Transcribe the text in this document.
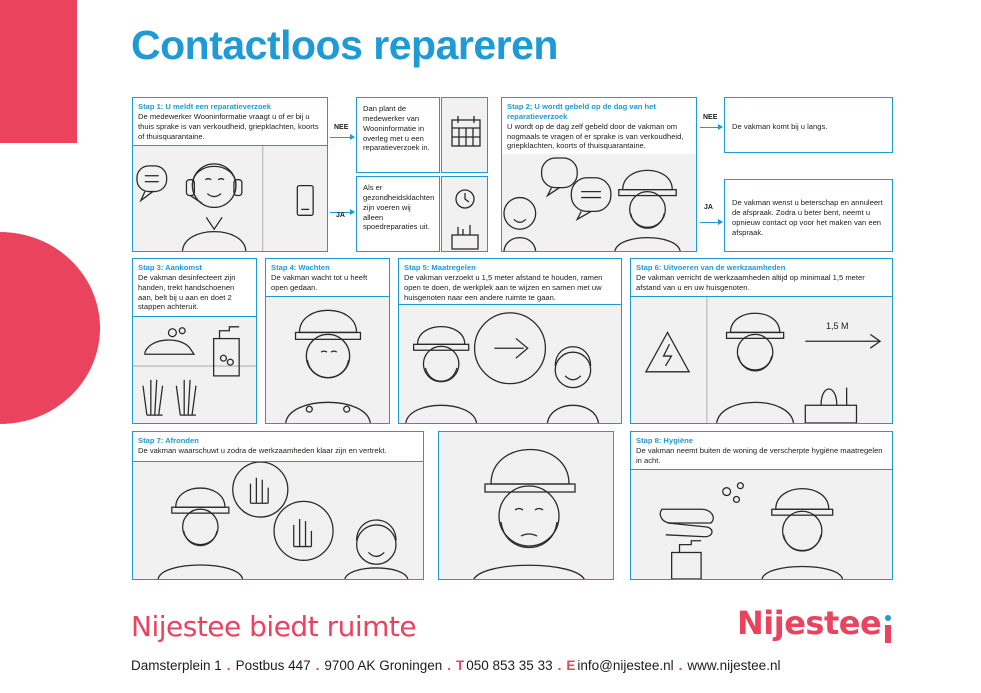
Contactloos repareren
Stap 1: U meldt een reparatieverzoek
De medewerker Wooninformatie vraagt u of er bij u thuis sprake is van verkoudheid, griepklachten, koorts of thuisquarantaine.
NEE
Dan plant de medewerker van Wooninformatie in overleg met u een reparatieverzoek in.
JA
Als er gezondheidsklachten zijn voeren wij alleen spoedreparaties uit.
Stap 2; U wordt gebeld op de dag van het reparatieverzoek
U wordt op de dag zelf gebeld door de vakman om nogmaals te vragen of er sprake is van verkoudheid, griepklachten, koorts of thuisquarantaine.
NEE
De vakman komt bij u langs.
JA
De vakman wenst u beterschap en annuleert de afspraak. Zodra u beter bent, neemt u opnieuw contact op voor het maken van een afspraak.
Stap 3: Aankomst
De vakman desinfecteert zijn handen, trekt handschoenen aan, belt bij u aan en doet 2 stappen achteruit.
Stap 4: Wachten
De vakman wacht tot u heeft open gedaan.
Stap 5: Maatregelen
De vakman verzoekt u 1,5 meter afstand te houden, ramen open te doen, de werkplek aan te wijzen en samen met uw huisgenoten naar een andere ruimte te gaan.
Stap 6: Uitvoeren van de werkzaamheden
De vakman verricht de werkzaamheden altijd op minimaal 1,5 meter afstand van u en uw huisgenoten.
1,5 M
Stap 7: Afronden
De vakman waarschuwt u zodra de werkzaamheden klaar zijn en vertrekt.
Stap 8: Hygiëne
De vakman neemt buiten de woning de verscherpte hygiëne maatregelen in acht.
Nijestee biedt ruimte	Nijestee
Damsterplein 1 . Postbus 447 . 9700 AK Groningen . T 050 853 35 33 . E info@nijestee.nl . www.nijestee.nl
